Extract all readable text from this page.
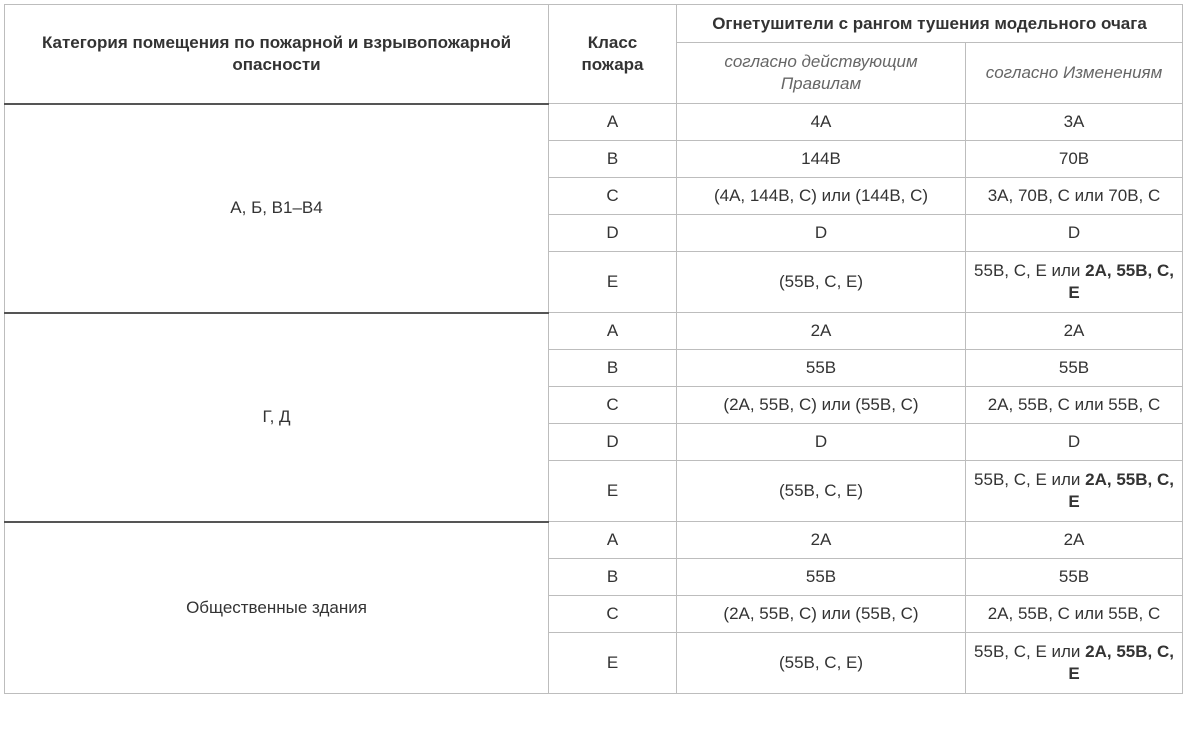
Категория помещения по пожарной и взрывопожарной опасности	Класс пожара	Огнетушители с рангом тушения модельного очага	
		согласно действующим Правилам	согласно Изменениям
А, Б, В1–В4	A	4A	3A
	B	144B	70B
	C	(4A, 144B, C) или (144B, C)	3A, 70B, C или 70B, C
	D	D	D
	E	(55B, C, E)	55B, C, E или 2A, 55B, C, E
Г, Д	A	2A	2A
	B	55B	55B
	C	(2A, 55B, C) или (55B, C)	2A, 55B, C или 55B, C
	D	D	D
	E	(55B, C, E)	55B, C, E или 2A, 55B, C, E
Общественные здания	A	2A	2A
	B	55B	55B
	C	(2A, 55B, C) или (55B, C)	2A, 55B, C или 55B, C
	E	(55B, C, E)	55B, C, E или 2A, 55B, C, E
